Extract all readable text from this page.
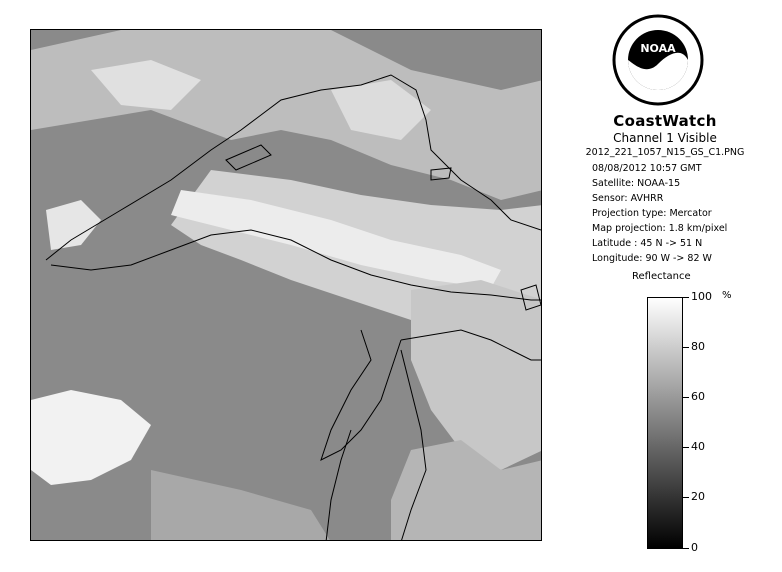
NOAA
CoastWatch
Channel 1 Visible
2012_221_1057_N15_GS_C1.PNG
08/08/2012 10:57 GMT
Satellite: NOAA-15
Sensor: AVHRR
Projection type: Mercator
Map projection: 1.8 km/pixel
Latitude : 45 N -> 51 N
Longitude: 90 W -> 82 W
Reflectance
%
100
80
60
40
20
0
